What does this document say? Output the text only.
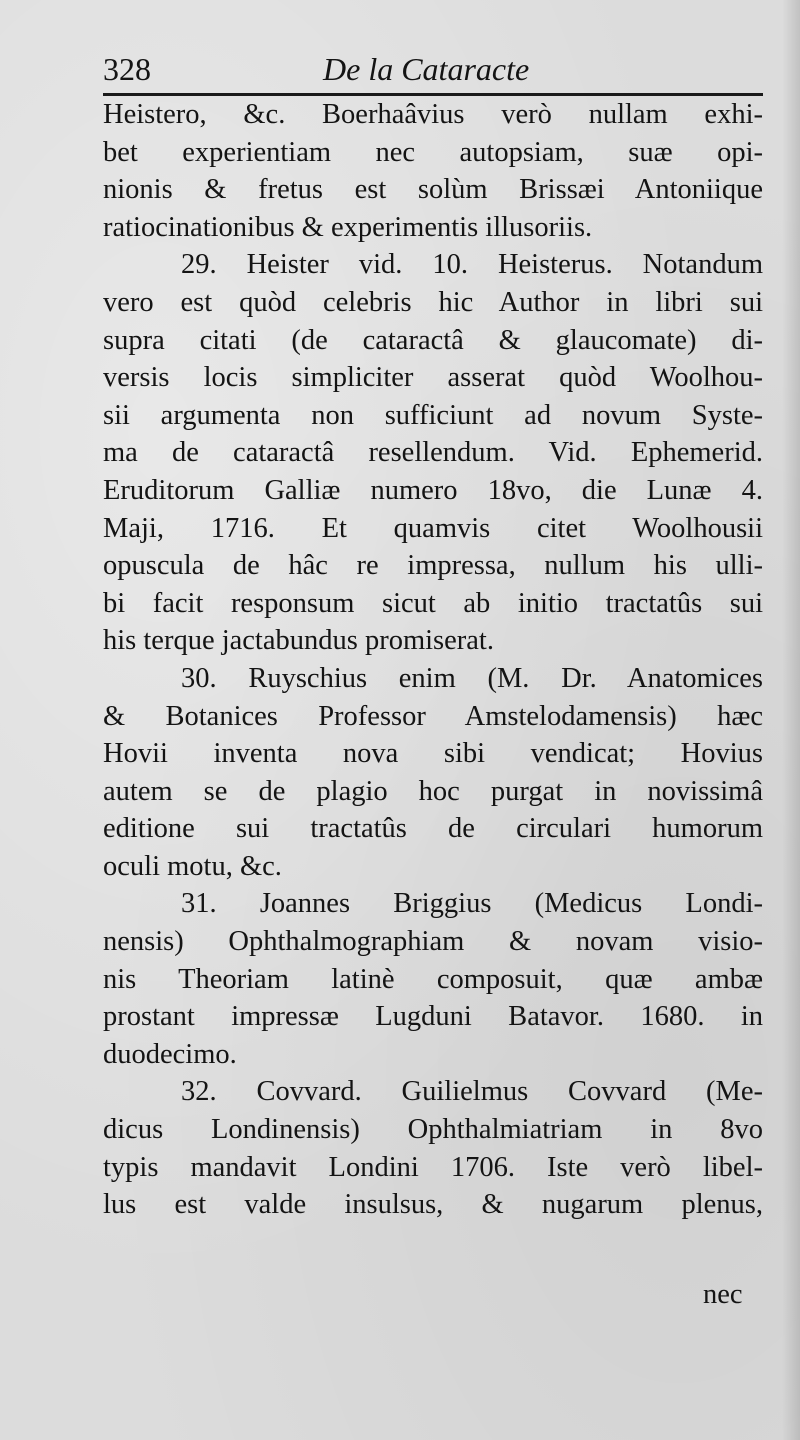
328	De la Cataracte
Heistero, &c. Boerhaâvius verò nullam exhi-
bet experientiam nec autopsiam, suæ opi-
nionis & fretus est solùm Brissæi Antoniique
ratiocinationibus & experimentis illusoriis.
29. Heister vid. 10. Heisterus. Notandum
vero est quòd celebris hic Author in libri sui
supra citati (de cataractâ & glaucomate) di-
versis locis simpliciter asserat quòd Woolhou-
sii argumenta non sufficiunt ad novum Syste-
ma de cataractâ resellendum. Vid. Ephemerid.
Eruditorum Galliæ numero 18vo, die Lunæ 4.
Maji, 1716. Et quamvis citet Woolhousii
opuscula de hâc re impressa, nullum his ulli-
bi facit responsum sicut ab initio tractatûs sui
his terque jactabundus promiserat.
30. Ruyschius enim (M. Dr. Anatomices
& Botanices Professor Amstelodamensis) hæc
Hovii inventa nova sibi vendicat; Hovius
autem se de plagio hoc purgat in novissimâ
editione sui tractatûs de circulari humorum
oculi motu, &c.
31. Joannes Briggius (Medicus Londi-
nensis) Ophthalmographiam & novam visio-
nis Theoriam latinè composuit, quæ ambæ
prostant impressæ Lugduni Batavor. 1680. in
duodecimo.
32. Covvard. Guilielmus Covvard (Me-
dicus Londinensis) Ophthalmiatriam in 8vo
typis mandavit Londini 1706. Iste verò libel-
lus est valde insulsus, & nugarum plenus,
nec
